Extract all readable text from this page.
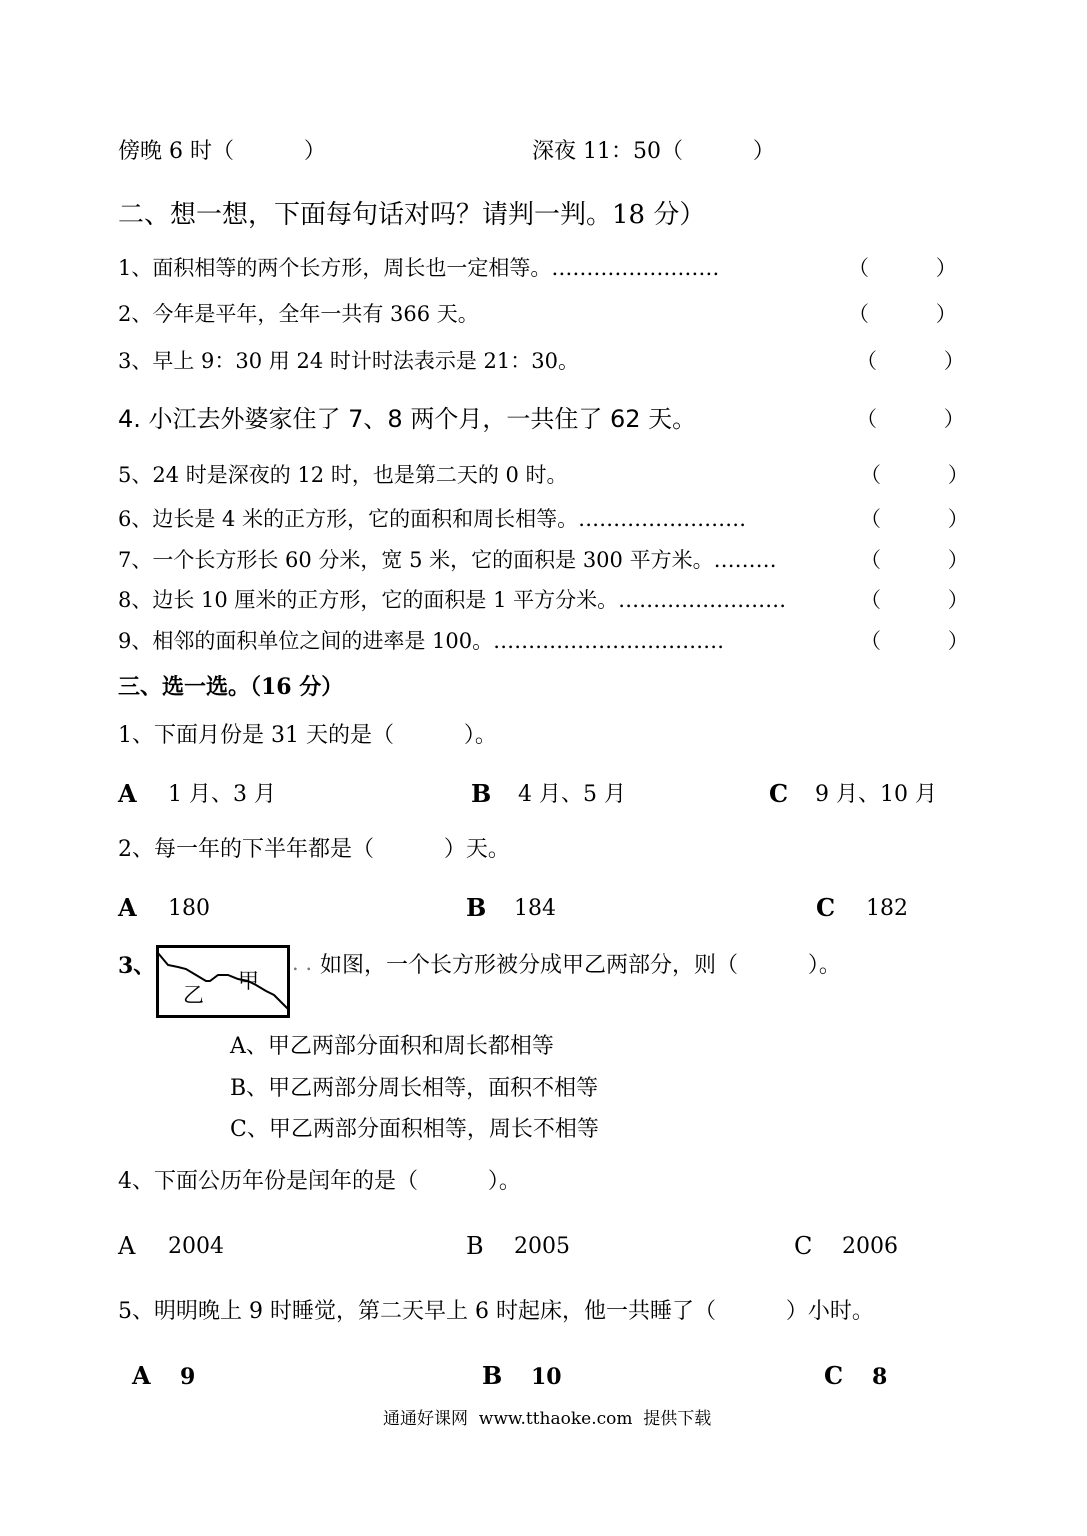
傍晚 6 时（          ）	深夜 11：50（          ）
二、想一想，下面每句话对吗？请判一判。18 分）
1、面积相等的两个长方形，周长也一定相等。……………………	（          ）
2、今年是平年，全年一共有 366 天。	（          ）
3、早上 9：30 用 24 时计时法表示是 21：30。	（          ）
4. 小江去外婆家住了 7、8 两个月，一共住了 62 天。	（          ）
5、24 时是深夜的 12 时，也是第二天的 0 时。	（          ）
6、边长是 4 米的正方形，它的面积和周长相等。……………………	（          ）
7、一个长方形长 60 分米，宽 5 米，它的面积是 300 平方米。………	（          ）
8、边长 10 厘米的正方形，它的面积是 1 平方分米。……………………	（          ）
9、相邻的面积单位之间的进率是 100。……………………………	（          ）
三、选一选。（16 分）
1、下面月份是 31 天的是（          ）。
A 1 月、3 月	B 4 月、5 月	C 9 月、10 月
2、每一年的下半年都是（          ）天。
A 180	B 184	C 182
3、
乙
甲
. . 如图，一个长方形被分成甲乙两部分，则（          ）。
A、甲乙两部分面积和周长都相等
B、甲乙两部分周长相等，面积不相等
C、甲乙两部分面积相等，周长不相等
4、下面公历年份是闰年的是（          ）。
A 2004	B 2005	C 2006
5、明明晚上 9 时睡觉，第二天早上 6 时起床，他一共睡了（          ）小时。
A 9	B 10	C 8
通通好课网  www.tthaoke.com  提供下载
